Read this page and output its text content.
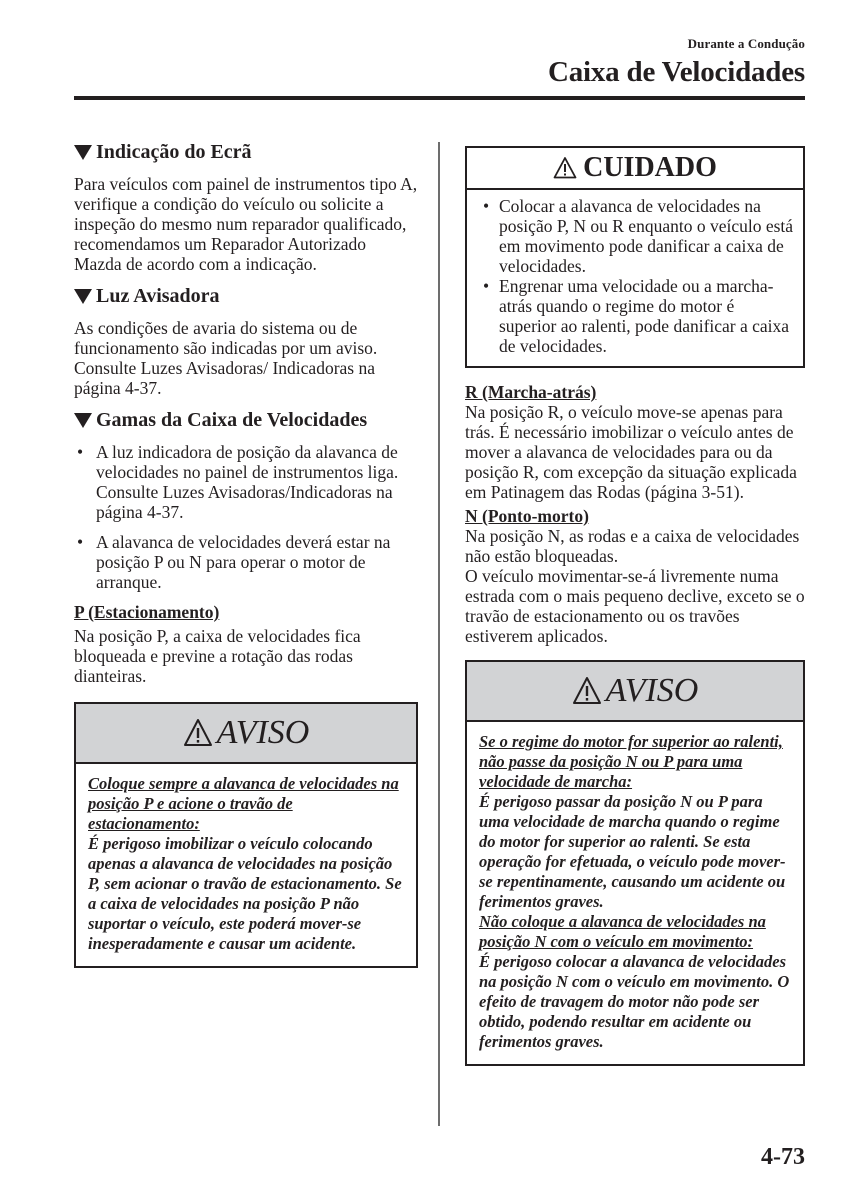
Durante a Condução
Caixa de Velocidades
Indicação do Ecrã

Para veículos com painel de instrumentos tipo A, verifique a condição do veículo ou solicite a inspeção do mesmo num reparador qualificado, recomendamos um Reparador Autorizado Mazda de acordo com a indicação.

Luz Avisadora

As condições de avaria do sistema ou de funcionamento são indicadas por um aviso. Consulte Luzes Avisadoras/ Indicadoras na página 4-37.

Gamas da Caixa de Velocidades
• A luz indicadora de posição da alavanca de velocidades no painel de instrumentos liga.
Consulte Luzes Avisadoras/Indicadoras na página 4-37.
• A alavanca de velocidades deverá estar na posição P ou N para operar o motor de arranque.
P (Estacionamento)

Na posição P, a caixa de velocidades fica bloqueada e previne a rotação das rodas dianteiras.

AVISO
Coloque sempre a alavanca de velocidades na posição P e acione o travão de estacionamento:
É perigoso imobilizar o veículo colocando apenas a alavanca de velocidades na posição P, sem acionar o travão de estacionamento. Se a caixa de velocidades na posição P não suportar o veículo, este poderá mover-se inesperadamente e causar um acidente.
CUIDADO
• Colocar a alavanca de velocidades na posição P, N ou R enquanto o veículo está em movimento pode danificar a caixa de velocidades.
• Engrenar uma velocidade ou a marcha-atrás quando o regime do motor é superior ao ralenti, pode danificar a caixa de velocidades.
R (Marcha-atrás)

Na posição R, o veículo move-se apenas para trás. É necessário imobilizar o veículo antes de mover a alavanca de velocidades para ou da posição R, com excepção da situação explicada em Patinagem das Rodas (página 3-51).

N (Ponto-morto)

Na posição N, as rodas e a caixa de velocidades não estão bloqueadas.

O veículo movimentar-se-á livremente numa estrada com o mais pequeno declive, exceto se o travão de estacionamento ou os travões estiverem aplicados.

AVISO
Se o regime do motor for superior ao ralenti, não passe da posição N ou P para uma velocidade de marcha:
É perigoso passar da posição N ou P para uma velocidade de marcha quando o regime do motor for superior ao ralenti. Se esta operação for efetuada, o veículo pode mover-se repentinamente, causando um acidente ou ferimentos graves.
Não coloque a alavanca de velocidades na posição N com o veículo em movimento:
É perigoso colocar a alavanca de velocidades na posição N com o veículo em movimento. O efeito de travagem do motor não pode ser obtido, podendo resultar em acidente ou ferimentos graves.
4-73
